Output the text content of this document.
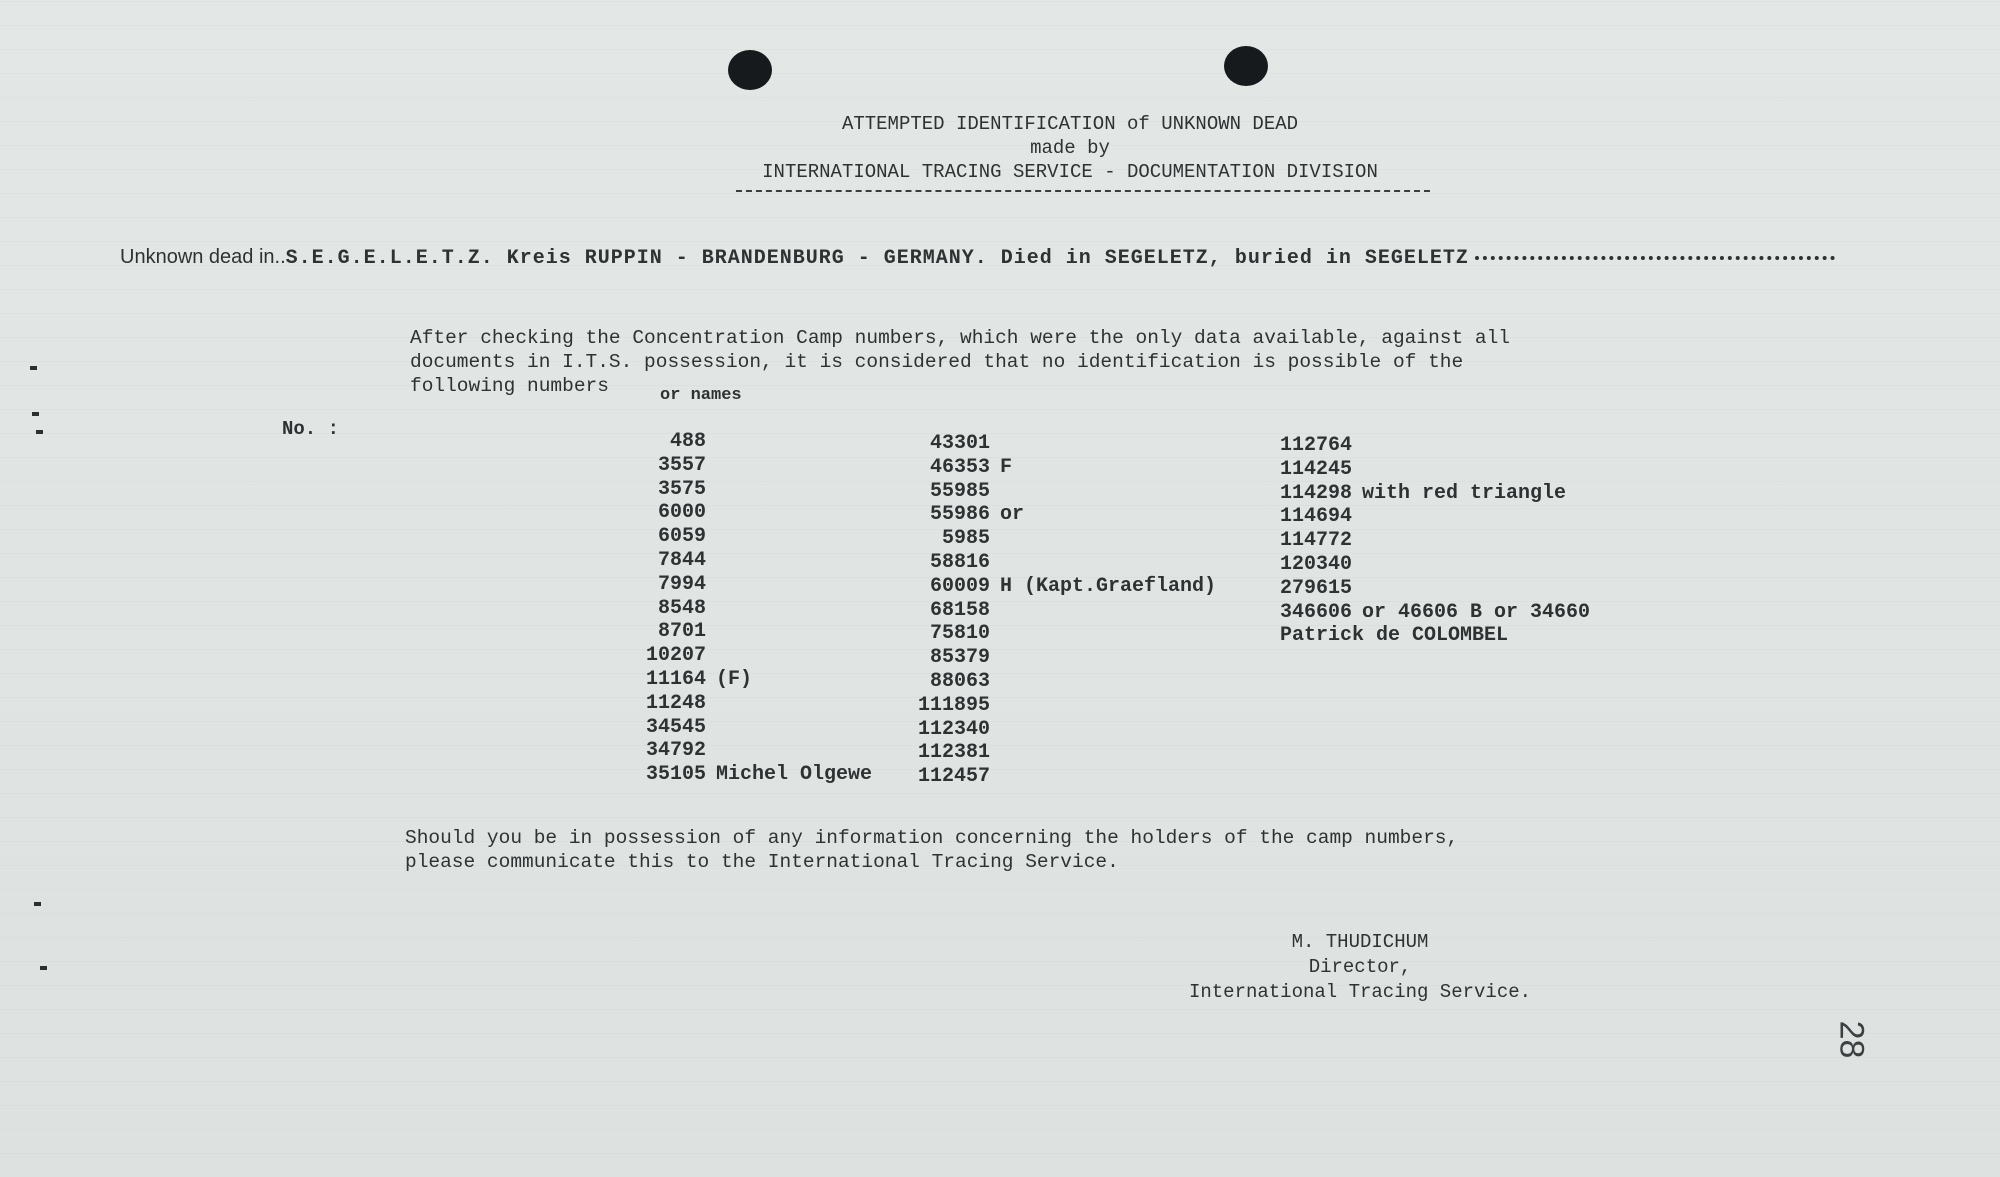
ATTEMPTED IDENTIFICATION of UNKNOWN DEAD
made by
INTERNATIONAL TRACING SERVICE - DOCUMENTATION DIVISION
Unknown dead in..S.E.G.E.L.E.T.Z. Kreis RUPPIN - BRANDENBURG - GERMANY. Died in SEGELETZ, buried in SEGELETZ
After checking the Concentration Camp numbers, which were the only data available, against all
documents in I.T.S. possession, it is considered that no identification is possible of the
following numbers	or names
No. :
488
3557
3575
6000
6059
7844
7994
8548
8701
10207
11164 (F)
11248
34545
34792
35105 Michel Olgewe
43301
46353 F
55985
55986 or
5985
58816
60009 H (Kapt.Graefland)
68158
75810
85379
88063
111895
112340
112381
112457
112764
114245
114298 with red triangle
114694
114772
120340
279615
346606 or 46606 B or 34660
Patrick de COLOMBEL
Should you be in possession of any information concerning the holders of the camp numbers,
please communicate this to the International Tracing Service.
M. THUDICHUM
Director,
International Tracing Service.
28
